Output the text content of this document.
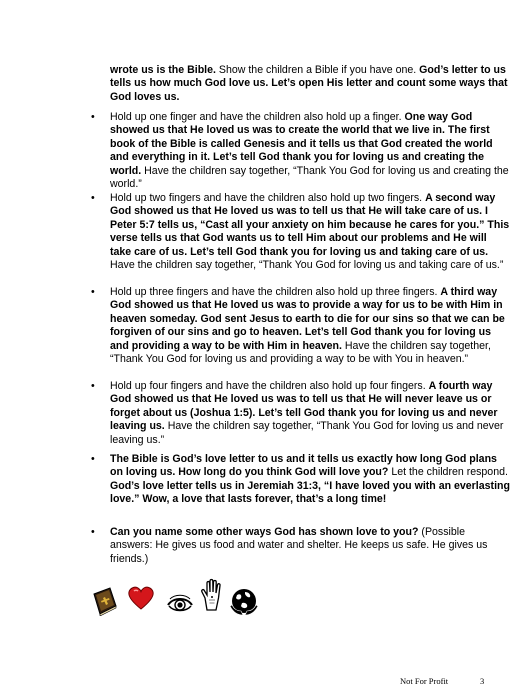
wrote us is the Bible. Show the children a Bible if you have one. God’s letter to us tells us how much God love us. Let’s open His letter and count some ways that God loves us.

• Hold up one finger and have the children also hold up a finger. One way God showed us that He loved us was to create the world that we live in. The first book of the Bible is called Genesis and it tells us that God created the world and everything in it. Let’s tell God thank you for loving us and creating the world. Have the children say together, “Thank You God for loving us and creating the world.”

• Hold up two fingers and have the children also hold up two fingers. A second way God showed us that He loved us was to tell us that He will take care of us. I Peter 5:7 tells us, “Cast all your anxiety on him because he cares for you.” This verse tells us that God wants us to tell Him about our problems and He will take care of us. Let’s tell God thank you for loving us and taking care of us. Have the children say together, “Thank You God for loving us and taking care of us.”

• Hold up three fingers and have the children also hold up three fingers. A third way God showed us that He loved us was to provide a way for us to be with Him in heaven someday. God sent Jesus to earth to die for our sins so that we can be forgiven of our sins and go to heaven. Let’s tell God thank you for loving us and providing a way to be with Him in heaven. Have the children say together, “Thank You God for loving us and providing a way to be with You in heaven.”

• Hold up four fingers and have the children also hold up four fingers. A fourth way God showed us that He loved us was to tell us that He will never leave us or forget about us (Joshua 1:5). Let’s tell God thank you for loving us and never leaving us. Have the children say together, “Thank You God for loving us and never leaving us.”

• The Bible is God’s love letter to us and it tells us exactly how long God plans on loving us. How long do you think God will love you? Let the children respond. God’s love letter tells us in Jeremiah 31:3, “I have loved you with an everlasting love.” Wow, a love that lasts forever, that’s a long time!

• Can you name some other ways God has shown love to you? (Possible answers: He gives us food and water and shelter. He keeps us safe. He gives us friends.)

Not For Profit	3
